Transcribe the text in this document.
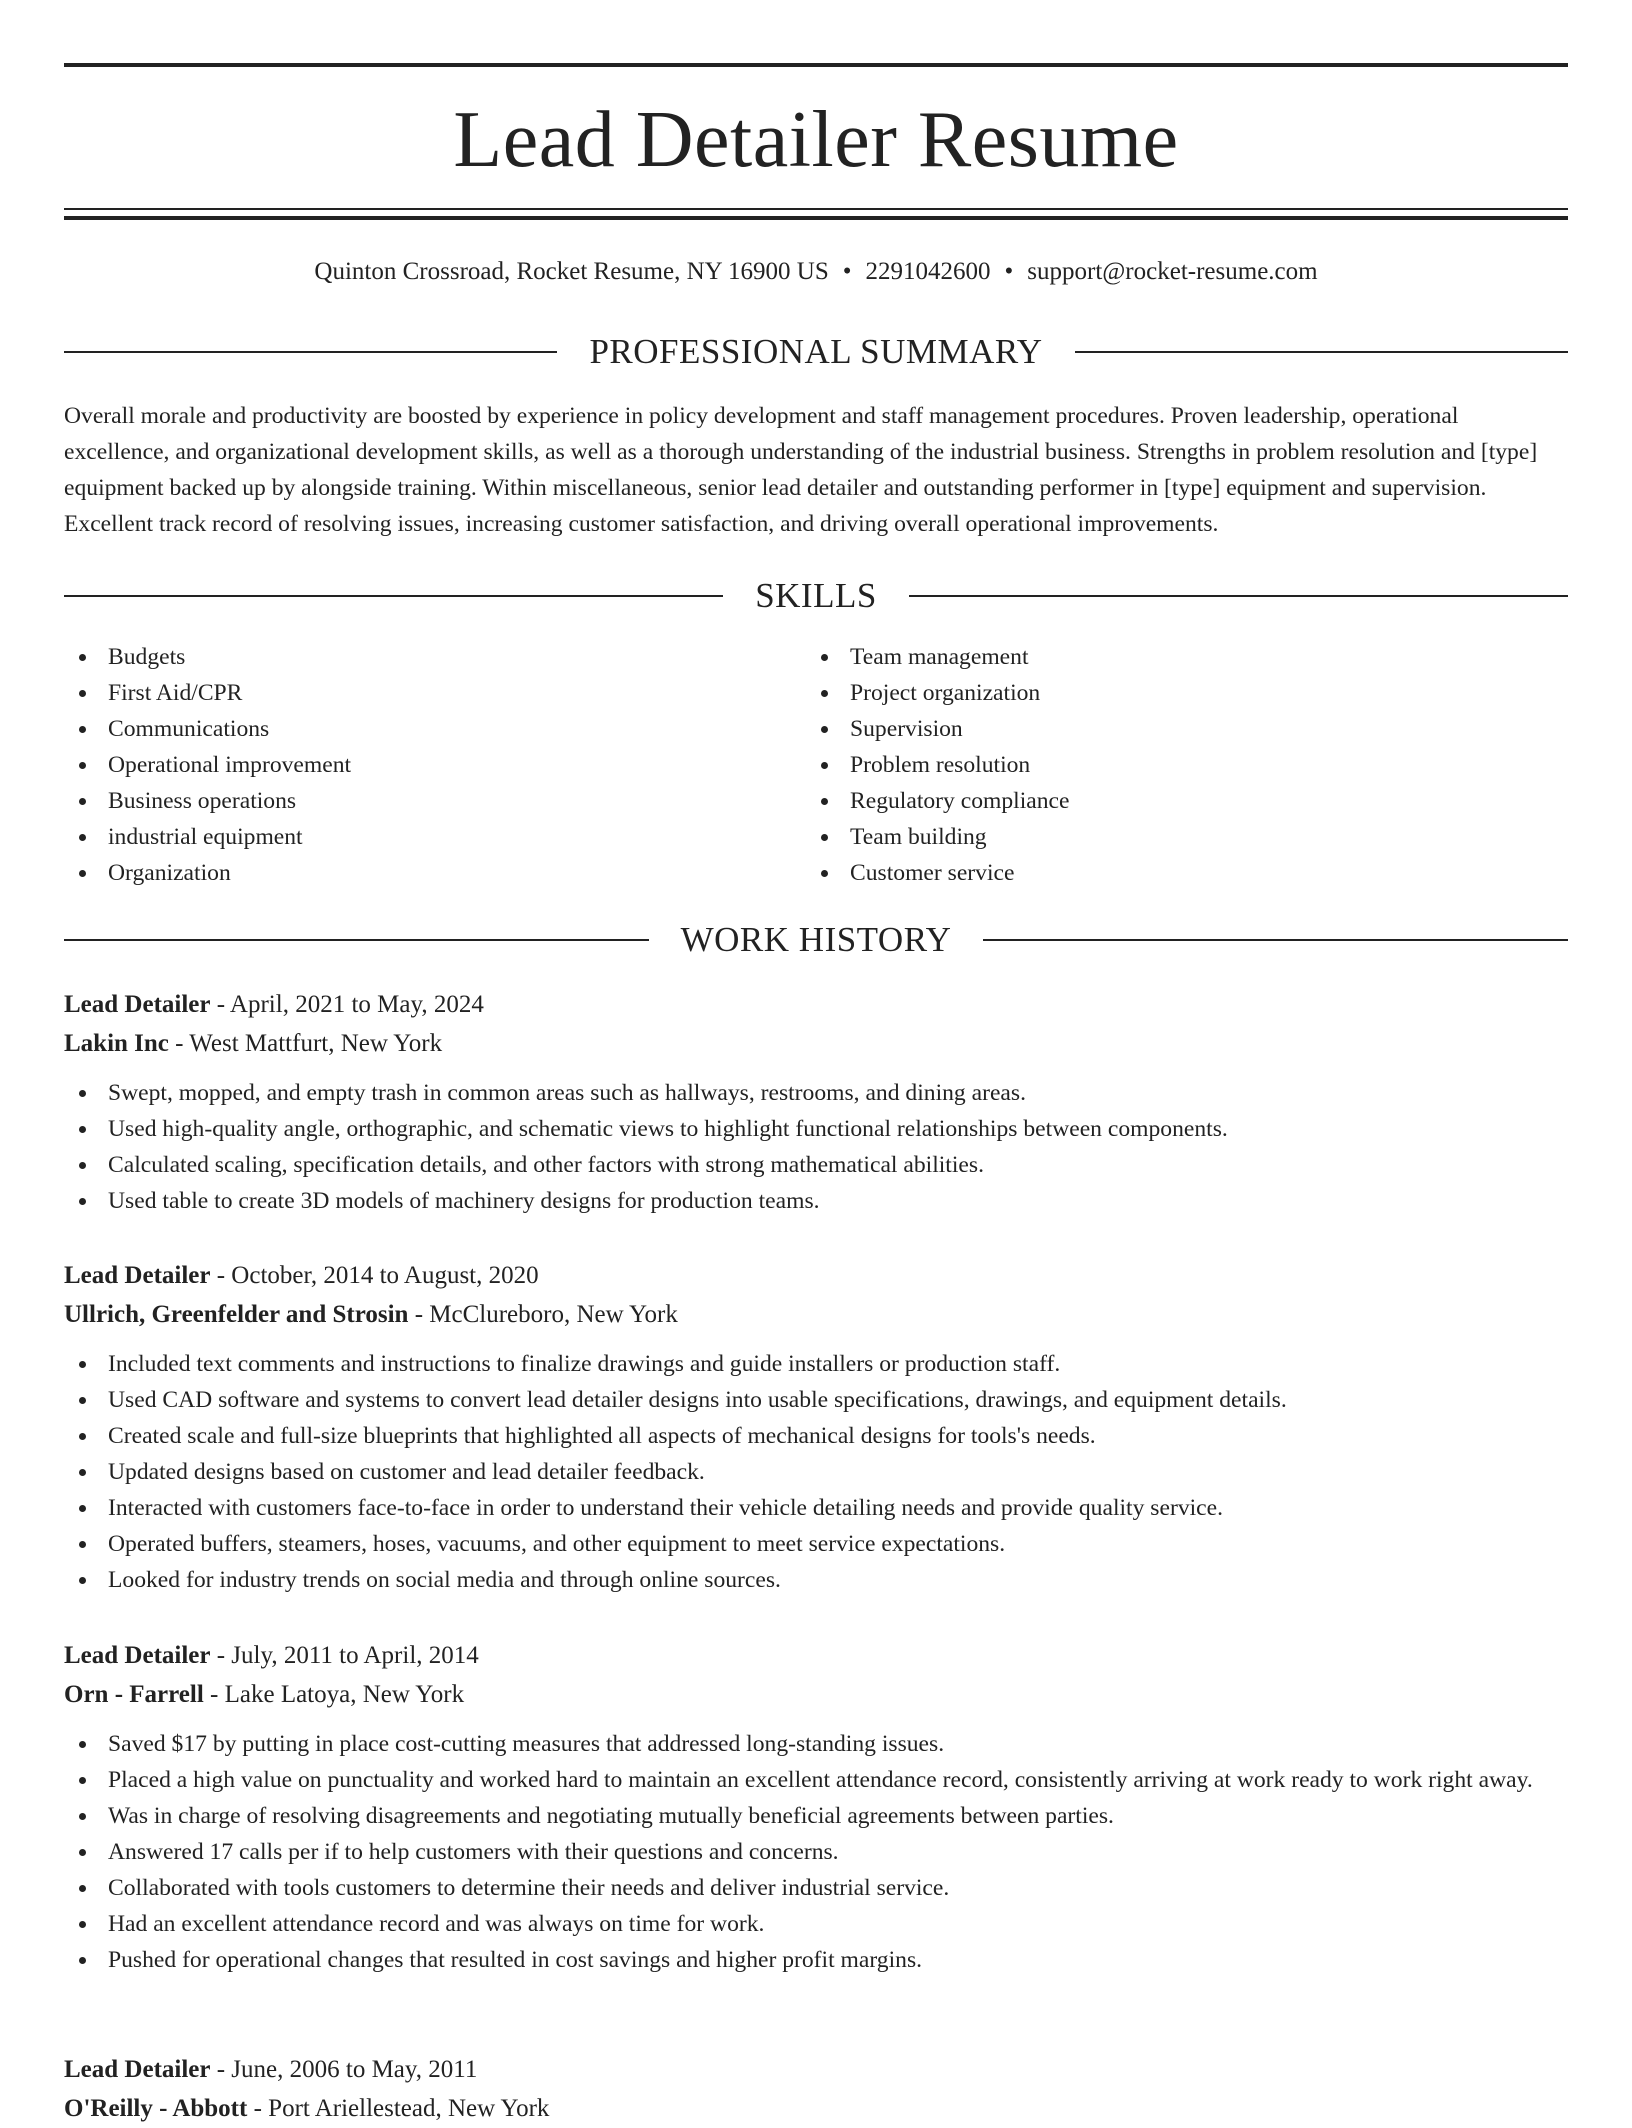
Lead Detailer Resume
Quinton Crossroad, Rocket Resume, NY 16900 US • 2291042600 • support@rocket-resume.com
PROFESSIONAL SUMMARY

Overall morale and productivity are boosted by experience in policy development and staff management procedures. Proven leadership, operational excellence, and organizational development skills, as well as a thorough understanding of the industrial business. Strengths in problem resolution and [type] equipment backed up by alongside training. Within miscellaneous, senior lead detailer and outstanding performer in [type] equipment and supervision. Excellent track record of resolving issues, increasing customer satisfaction, and driving overall operational improvements.

SKILLS
Budgets
First Aid/CPR
Communications
Operational improvement
Business operations
industrial equipment
Organization
Team management
Project organization
Supervision
Problem resolution
Regulatory compliance
Team building
Customer service
WORK HISTORY
Lead Detailer - April, 2021 to May, 2024
Lakin Inc - West Mattfurt, New York
Swept, mopped, and empty trash in common areas such as hallways, restrooms, and dining areas.
Used high-quality angle, orthographic, and schematic views to highlight functional relationships between components.
Calculated scaling, specification details, and other factors with strong mathematical abilities.
Used table to create 3D models of machinery designs for production teams.
Lead Detailer - October, 2014 to August, 2020
Ullrich, Greenfelder and Strosin - McClureboro, New York
Included text comments and instructions to finalize drawings and guide installers or production staff.
Used CAD software and systems to convert lead detailer designs into usable specifications, drawings, and equipment details.
Created scale and full-size blueprints that highlighted all aspects of mechanical designs for tools's needs.
Updated designs based on customer and lead detailer feedback.
Interacted with customers face-to-face in order to understand their vehicle detailing needs and provide quality service.
Operated buffers, steamers, hoses, vacuums, and other equipment to meet service expectations.
Looked for industry trends on social media and through online sources.
Lead Detailer - July, 2011 to April, 2014
Orn - Farrell - Lake Latoya, New York
Saved $17 by putting in place cost-cutting measures that addressed long-standing issues.
Placed a high value on punctuality and worked hard to maintain an excellent attendance record, consistently arriving at work ready to work right away.
Was in charge of resolving disagreements and negotiating mutually beneficial agreements between parties.
Answered 17 calls per if to help customers with their questions and concerns.
Collaborated with tools customers to determine their needs and deliver industrial service.
Had an excellent attendance record and was always on time for work.
Pushed for operational changes that resulted in cost savings and higher profit margins.
Lead Detailer - June, 2006 to May, 2011
O'Reilly - Abbott - Port Ariellestead, New York
